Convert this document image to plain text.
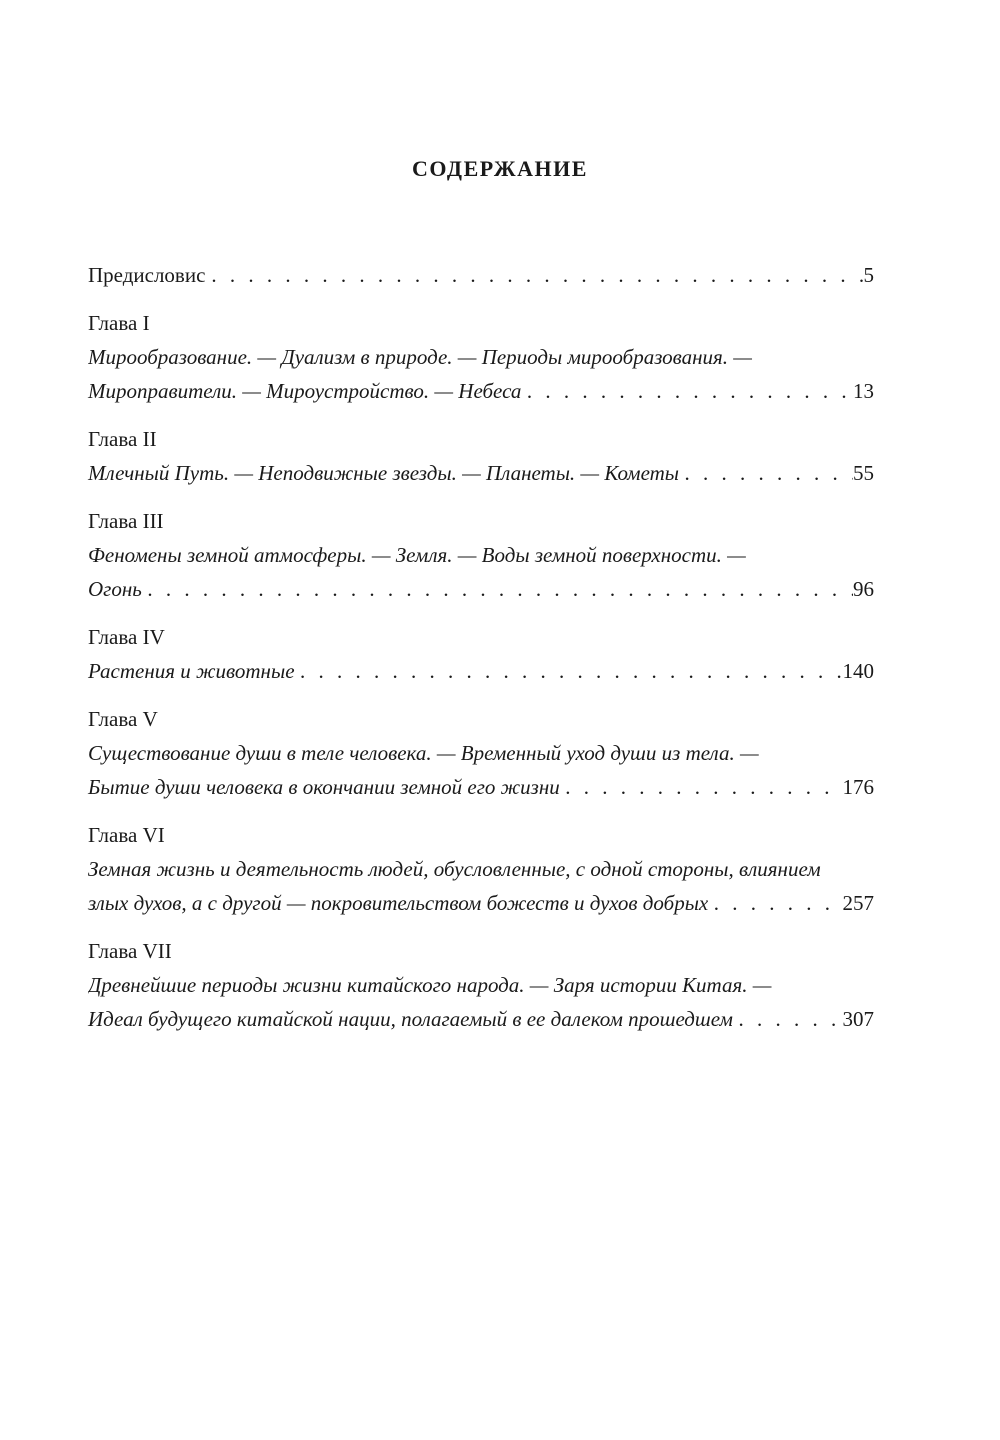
СОДЕРЖАНИЕ
Предисловис . . .	5
Глава I
Мирообразование. — Дуализм в природе. — Периоды мирообразования. —
Мироправители. — Мироустройство. — Небеса . . .	13
Глава II
Млечный Путь. — Неподвижные звезды. — Планеты. — Кометы . . .	55
Глава III
Феномены земной атмосферы. — Земля. — Воды земной поверхности. —
Огонь . . .	96
Глава IV
Растения и животные . . .	140
Глава V
Существование души в теле человека. — Временный уход души из тела. —
Бытие души человека в окончании земной его жизни . . .	176
Глава VI
Земная жизнь и деятельность людей, обусловленные, с одной стороны, влиянием
злых духов, а с другой — покровительством божеств и духов добрых . . .	257
Глава VII
Древнейшие периоды жизни китайского народа. — Заря истории Китая. —
Идеал будущего китайской нации, полагаемый в ее далеком прошедшем . . .	307
